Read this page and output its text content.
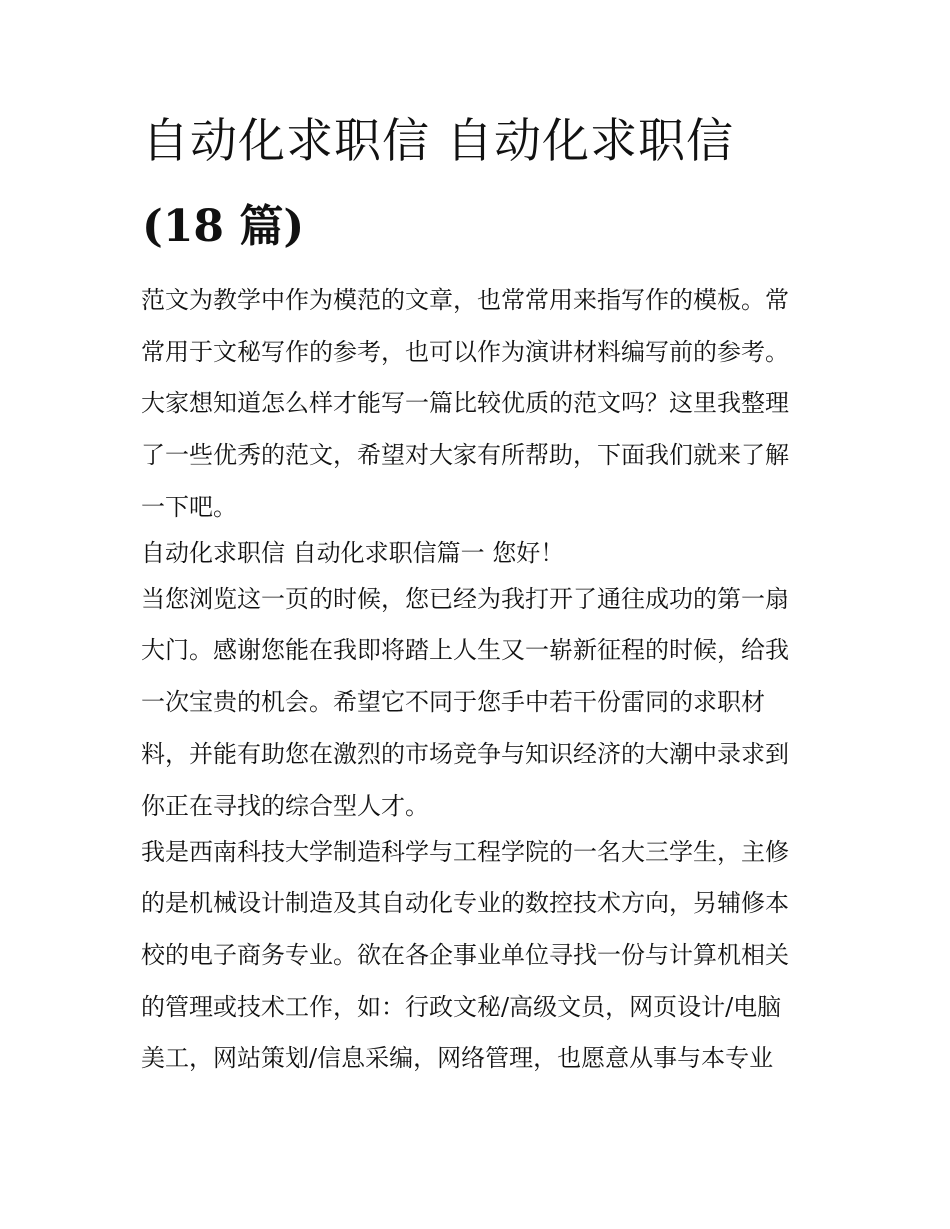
自动化求职信 自动化求职信
(18 篇)
范文为教学中作为模范的文章，也常常用来指写作的模板。常
常用于文秘写作的参考，也可以作为演讲材料编写前的参考。
大家想知道怎么样才能写一篇比较优质的范文吗？这里我整理
了一些优秀的范文，希望对大家有所帮助，下面我们就来了解
一下吧。
自动化求职信 自动化求职信篇一 您好！
当您浏览这一页的时候，您已经为我打开了通往成功的第一扇
大门。感谢您能在我即将踏上人生又一崭新征程的时候，给我
一次宝贵的机会。希望它不同于您手中若干份雷同的求职材
料，并能有助您在激烈的市场竞争与知识经济的大潮中录求到
你正在寻找的综合型人才。
我是西南科技大学制造科学与工程学院的一名大三学生，主修
的是机械设计制造及其自动化专业的数控技术方向，另辅修本
校的电子商务专业。欲在各企事业单位寻找一份与计算机相关
的管理或技术工作，如：行政文秘/高级文员，网页设计/电脑
美工，网站策划/信息采编，网络管理，也愿意从事与本专业
